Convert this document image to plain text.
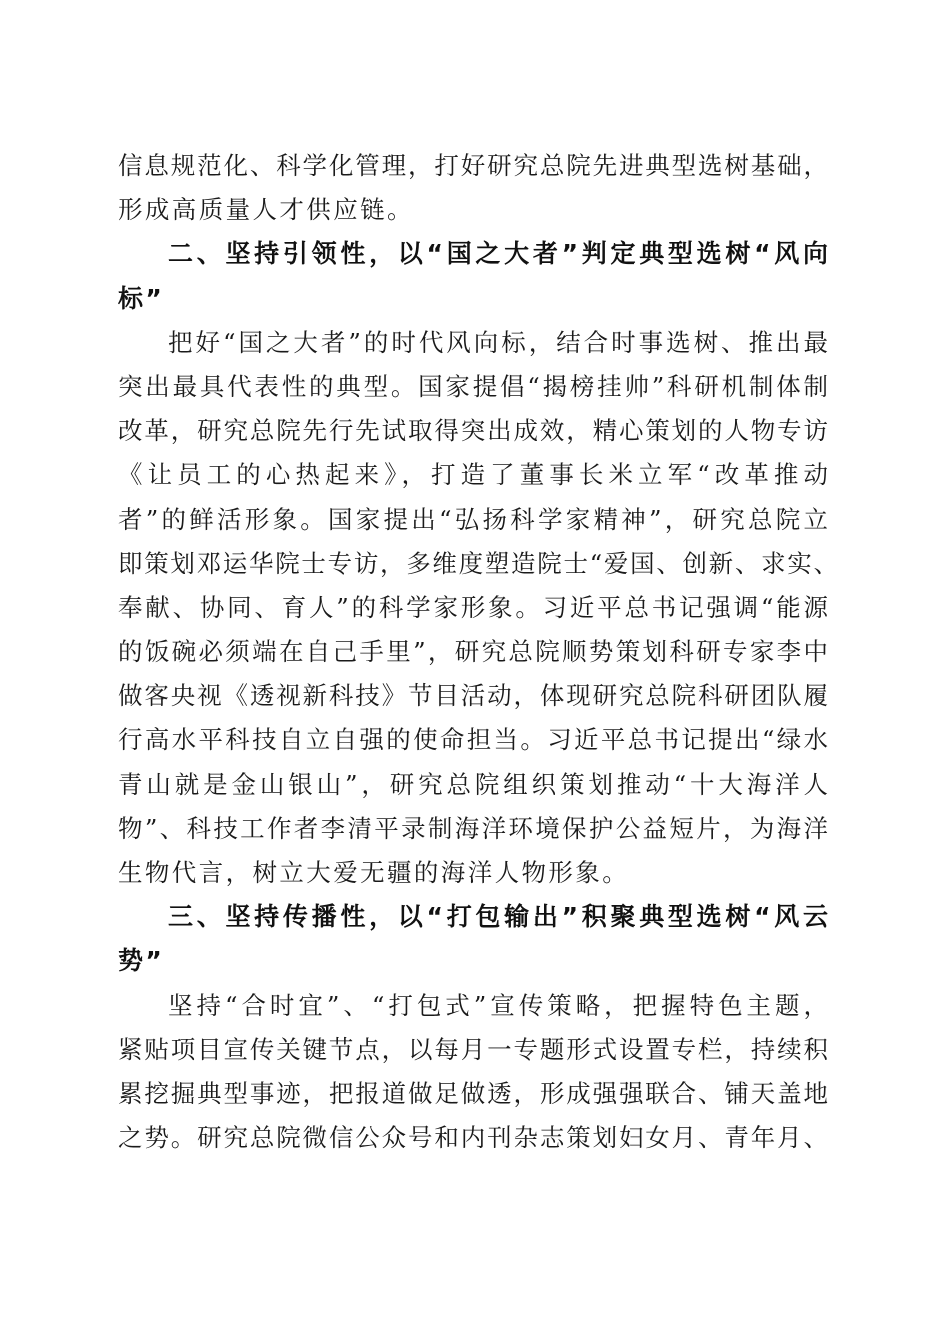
信息规范化、科学化管理，打好研究总院先进典型选树基础，
形成高质量人才供应链。
二、坚持引领性，以“国之大者”判定典型选树“风向
标”
把好“国之大者”的时代风向标，结合时事选树、推出最
突出最具代表性的典型。国家提倡“揭榜挂帅”科研机制体制
改革，研究总院先行先试取得突出成效，精心策划的人物专访
《让员工的心热起来》，打造了董事长米立军“改革推动
者”的鲜活形象。国家提出“弘扬科学家精神”，研究总院立
即策划邓运华院士专访，多维度塑造院士“爱国、创新、求实、
奉献、协同、育人”的科学家形象。习近平总书记强调“能源
的饭碗必须端在自己手里”，研究总院顺势策划科研专家李中
做客央视《透视新科技》节目活动，体现研究总院科研团队履
行高水平科技自立自强的使命担当。习近平总书记提出“绿水
青山就是金山银山”，研究总院组织策划推动“十大海洋人
物”、科技工作者李清平录制海洋环境保护公益短片，为海洋
生物代言，树立大爱无疆的海洋人物形象。
三、坚持传播性，以“打包输出”积聚典型选树“风云
势”
坚持“合时宜”、“打包式”宣传策略，把握特色主题，
紧贴项目宣传关键节点，以每月一专题形式设置专栏，持续积
累挖掘典型事迹，把报道做足做透，形成强强联合、铺天盖地
之势。研究总院微信公众号和内刊杂志策划妇女月、青年月、
